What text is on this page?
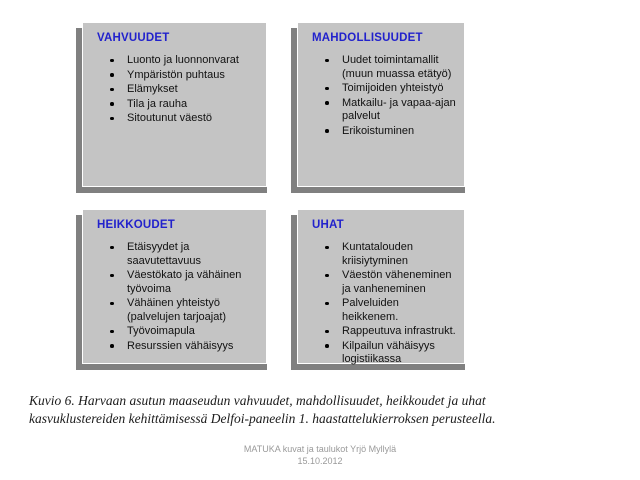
VAHVUUDET
Luonto ja luonnonvarat
Ympäristön puhtaus
Elämykset
Tila ja rauha
Sitoutunut väestö
MAHDOLLISUUDET
Uudet toimintamallit (muun muassa etätyö)
Toimijoiden yhteistyö
Matkailu- ja vapaa-ajan palvelut
Erikoistuminen
HEIKKOUDET
Etäisyydet ja saavutettavuus
Väestökato ja vähäinen työvoima
Vähäinen yhteistyö (palvelujen tarjoajat)
Työvoimapula
Resurssien vähäisyys
UHAT
Kuntatalouden kriisiytyminen
Väestön väheneminen ja vanheneminen
Palveluiden heikkenem.
Rappeutuva infrastrukt.
Kilpailun vähäisyys logistiikassa
Kuvio 6. Harvaan asutun maaseudun vahvuudet, mahdollisuudet, heikkoudet ja uhat
kasvuklustereiden kehittämisessä Delfoi-paneelin 1. haastattelukierroksen perusteella.
MATUKA kuvat ja taulukot Yrjö Myllylä
15.10.2012
